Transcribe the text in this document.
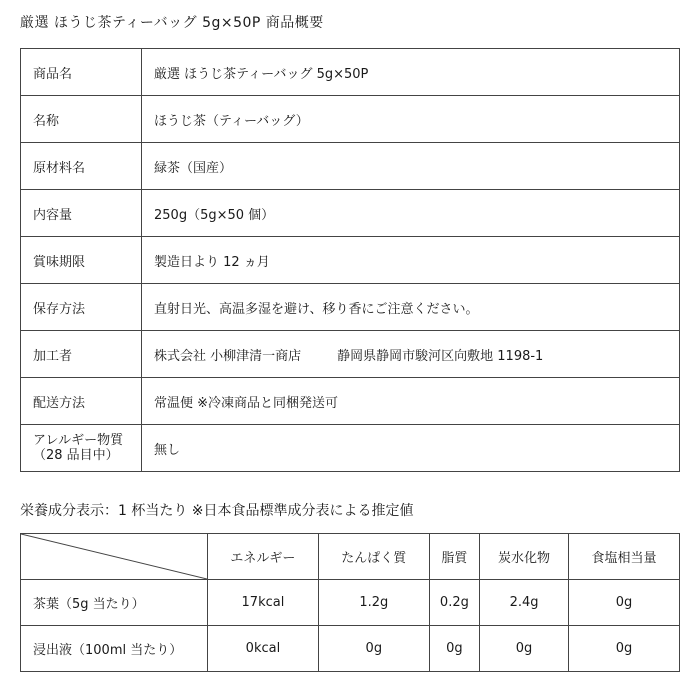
厳選 ほうじ茶ティーバッグ 5g×50P 商品概要
商品名	厳選 ほうじ茶ティーバッグ 5g×50P
名称	ほうじ茶（ティーバッグ）
原材料名	緑茶（国産）
内容量	250g（5g×50 個）
賞味期限	製造日より 12 ヵ月
保存方法	直射日光、高温多湿を避け、移り香にご注意ください。
加工者	株式会社 小柳津清一商店 静岡県静岡市駿河区向敷地 1198-1
配送方法	常温便 ※冷凍商品と同梱発送可

アレルギー物質
（28 品目中）	無し
栄養成分表示：1 杯当たり ※日本食品標準成分表による推定値
	エネルギー	たんぱく質	脂質	炭水化物	食塩相当量
茶葉（5g 当たり）	17kcal	1.2g	0.2g	2.4g	0g
浸出液（100ml 当たり）	0kcal	0g	0g	0g	0g
